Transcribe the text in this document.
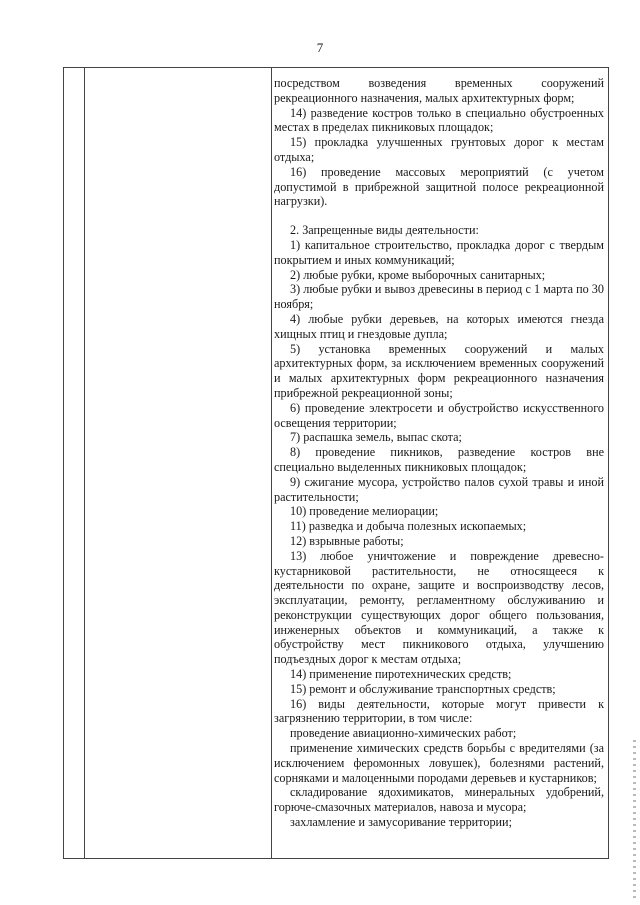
7

посредством возведения временных сооружений рекреационного назначения, малых архитектурных форм;

14) разведение костров только в специально обустроенных местах в пределах пикниковых площадок;

15) прокладка улучшенных грунтовых дорог к местам отдыха;

16) проведение массовых мероприятий (с учетом допустимой в прибрежной защитной полосе рекреационной нагрузки).

2. Запрещенные виды деятельности:

1) капитальное строительство, прокладка дорог с твердым покрытием и иных коммуникаций;

2) любые рубки, кроме выборочных санитарных;

3) любые рубки и вывоз древесины в период с 1 марта по 30 ноября;

4) любые рубки деревьев, на которых имеются гнезда хищных птиц и гнездовые дупла;

5) установка временных сооружений и малых архитектурных форм, за исключением временных сооружений и малых архитектурных форм рекреационного назначения прибрежной рекреационной зоны;

6) проведение электросети и обустройство искусственного освещения территории;

7) распашка земель, выпас скота;

8) проведение пикников, разведение костров вне специально выделенных пикниковых площадок;

9) сжигание мусора, устройство палов сухой травы и иной растительности;

10) проведение мелиорации;

11) разведка и добыча полезных ископаемых;

12) взрывные работы;

13) любое уничтожение и повреждение древесно-кустарниковой растительности, не относящееся к деятельности по охране, защите и воспроизводству лесов, эксплуатации, ремонту, регламентному обслуживанию и реконструкции существующих дорог общего пользования, инженерных объектов и коммуникаций, а также к обустройству мест пикникового отдыха, улучшению подъездных дорог к местам отдыха;

14) применение пиротехнических средств;

15) ремонт и обслуживание транспортных средств;

16) виды деятельности, которые могут привести к загрязнению территории, в том числе:

проведение авиационно-химических работ;

применение химических средств борьбы с вредителями (за исключением феромонных ловушек), болезнями растений, сорняками и малоценными породами деревьев и кустарников;

складирование ядохимикатов, минеральных удобрений, горюче-смазочных материалов, навоза и мусора;

захламление и замусоривание территории;
